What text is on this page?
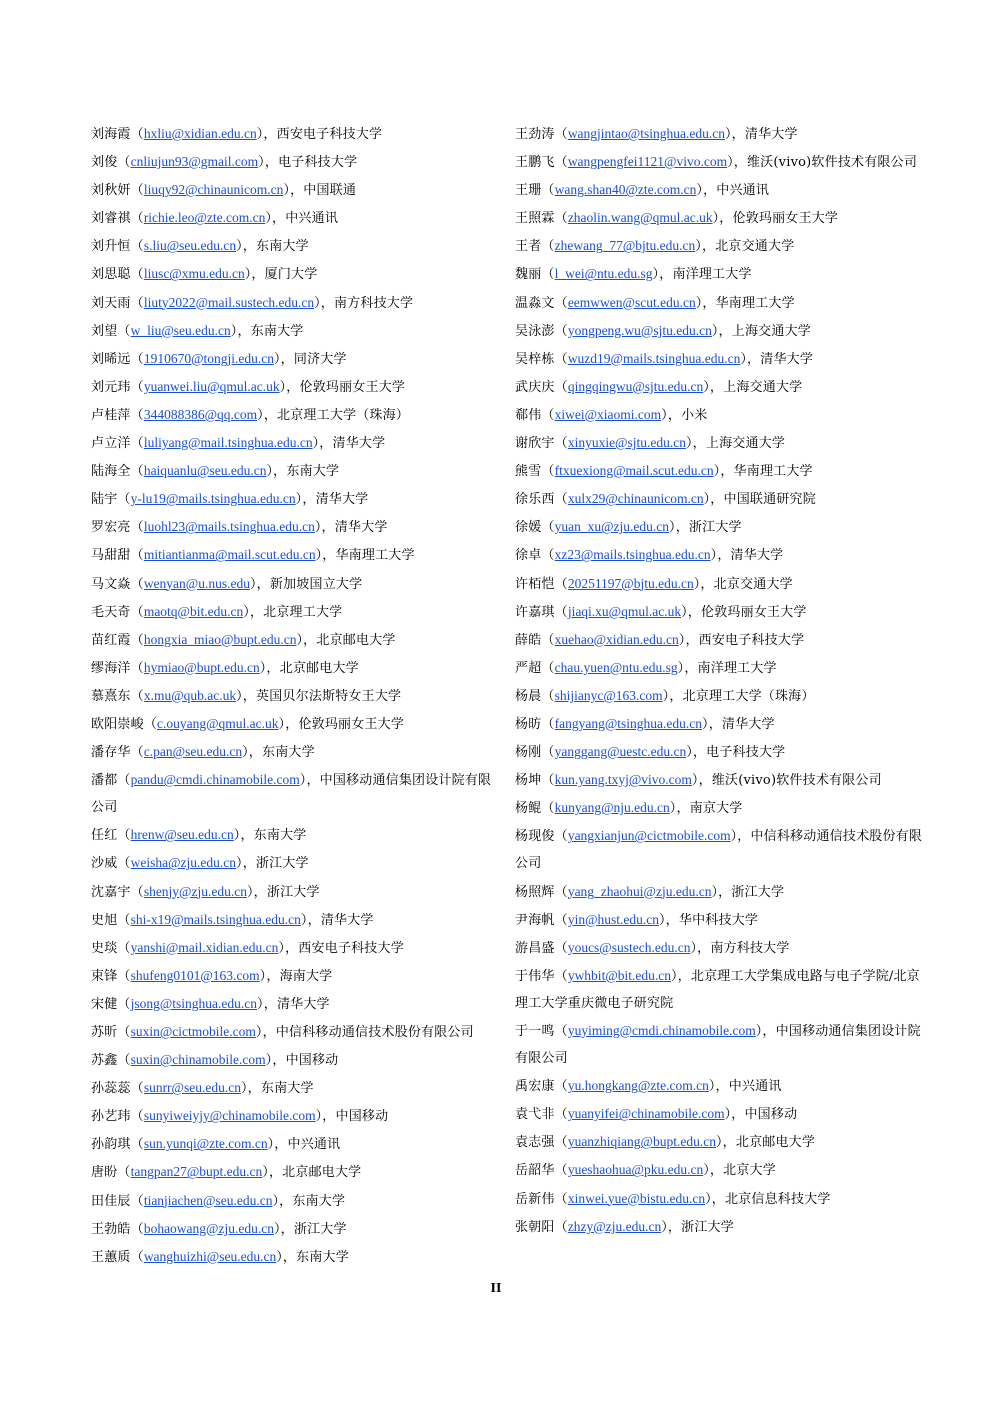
刘海霞（hxliu@xidian.edu.cn），西安电子科技大学
刘俊（cnliujun93@gmail.com），电子科技大学
刘秋妍（liuqy92@chinaunicom.cn），中国联通
刘睿祺（richie.leo@zte.com.cn），中兴通讯
刘升恒（s.liu@seu.edu.cn），东南大学
刘思聪（liusc@xmu.edu.cn），厦门大学
刘天雨（liuty2022@mail.sustech.edu.cn），南方科技大学
刘望（w_liu@seu.edu.cn），东南大学
刘晞远（1910670@tongji.edu.cn），同济大学
刘元玮（yuanwei.liu@qmul.ac.uk），伦敦玛丽女王大学
卢桂萍（344088386@qq.com），北京理工大学（珠海）
卢立洋（luliyang@mail.tsinghua.edu.cn），清华大学
陆海全（haiquanlu@seu.edu.cn），东南大学
陆宇（y-lu19@mails.tsinghua.edu.cn），清华大学
罗宏亮（luohl23@mails.tsinghua.edu.cn），清华大学
马甜甜（mitiantianma@mail.scut.edu.cn），华南理工大学
马文焱（wenyan@u.nus.edu），新加坡国立大学
毛天奇（maotq@bit.edu.cn），北京理工大学
苗红霞（hongxia_miao@bupt.edu.cn），北京邮电大学
缪海洋（hymiao@bupt.edu.cn），北京邮电大学
慕熹东（x.mu@qub.ac.uk），英国贝尔法斯特女王大学
欧阳崇峻（c.ouyang@qmul.ac.uk），伦敦玛丽女王大学
潘存华（c.pan@seu.edu.cn），东南大学
潘都（pandu@cmdi.chinamobile.com），中国移动通信集团设计院有限公司
任红（hrenw@seu.edu.cn），东南大学
沙威（weisha@zju.edu.cn），浙江大学
沈嘉宇（shenjy@zju.edu.cn），浙江大学
史旭（shi-x19@mails.tsinghua.edu.cn），清华大学
史琰（yanshi@mail.xidian.edu.cn），西安电子科技大学
束锋（shufeng0101@163.com），海南大学
宋健（jsong@tsinghua.edu.cn），清华大学
苏昕（suxin@cictmobile.com），中信科移动通信技术股份有限公司
苏鑫（suxin@chinamobile.com），中国移动
孙蕊蕊（sunrr@seu.edu.cn），东南大学
孙艺玮（sunyiweiyjy@chinamobile.com），中国移动
孙韵琪（sun.yunqi@zte.com.cn），中兴通讯
唐盼（tangpan27@bupt.edu.cn），北京邮电大学
田佳辰（tianjiachen@seu.edu.cn），东南大学
王勃皓（bohaowang@zju.edu.cn），浙江大学
王蕙质（wanghuizhi@seu.edu.cn），东南大学
王劲涛（wangjintao@tsinghua.edu.cn），清华大学
王鹏飞（wangpengfei1121@vivo.com），维沃(vivo)软件技术有限公司
王珊（wang.shan40@zte.com.cn），中兴通讯
王照霖（zhaolin.wang@qmul.ac.uk），伦敦玛丽女王大学
王者（zhewang_77@bjtu.edu.cn），北京交通大学
魏丽（l_wei@ntu.edu.sg），南洋理工大学
温淼文（eemwwen@scut.edu.cn），华南理工大学
吴泳澎（yongpeng.wu@sjtu.edu.cn），上海交通大学
吴梓栋（wuzd19@mails.tsinghua.edu.cn），清华大学
武庆庆（qingqingwu@sjtu.edu.cn），上海交通大学
郗伟（xiwei@xiaomi.com），小米
谢欣宇（xinyuxie@sjtu.edu.cn），上海交通大学
熊雪（ftxuexiong@mail.scut.edu.cn），华南理工大学
徐乐西（xulx29@chinaunicom.cn），中国联通研究院
徐媛（yuan_xu@zju.edu.cn），浙江大学
徐卓（xz23@mails.tsinghua.edu.cn），清华大学
许栢恺（20251197@bjtu.edu.cn），北京交通大学
许嘉琪（jiaqi.xu@qmul.ac.uk），伦敦玛丽女王大学
薛皓（xuehao@xidian.edu.cn），西安电子科技大学
严超（chau.yuen@ntu.edu.sg），南洋理工大学
杨晨（shijianyc@163.com），北京理工大学（珠海）
杨昉（fangyang@tsinghua.edu.cn），清华大学
杨刚（yanggang@uestc.edu.cn），电子科技大学
杨坤（kun.yang.txyj@vivo.com），维沃(vivo)软件技术有限公司
杨鲲（kunyang@nju.edu.cn），南京大学
杨现俊（yangxianjun@cictmobile.com），中信科移动通信技术股份有限公司
杨照辉（yang_zhaohui@zju.edu.cn），浙江大学
尹海帆（yin@hust.edu.cn），华中科技大学
游昌盛（youcs@sustech.edu.cn），南方科技大学
于伟华（ywhbit@bit.edu.cn），北京理工大学集成电路与电子学院/北京理工大学重庆微电子研究院
于一鸣（yuyiming@cmdi.chinamobile.com），中国移动通信集团设计院有限公司
禹宏康（yu.hongkang@zte.com.cn），中兴通讯
袁弋非（yuanyifei@chinamobile.com），中国移动
袁志强（yuanzhiqiang@bupt.edu.cn），北京邮电大学
岳韶华（yueshaohua@pku.edu.cn），北京大学
岳新伟（xinwei.yue@bistu.edu.cn），北京信息科技大学
张朝阳（zhzy@zju.edu.cn），浙江大学
II
